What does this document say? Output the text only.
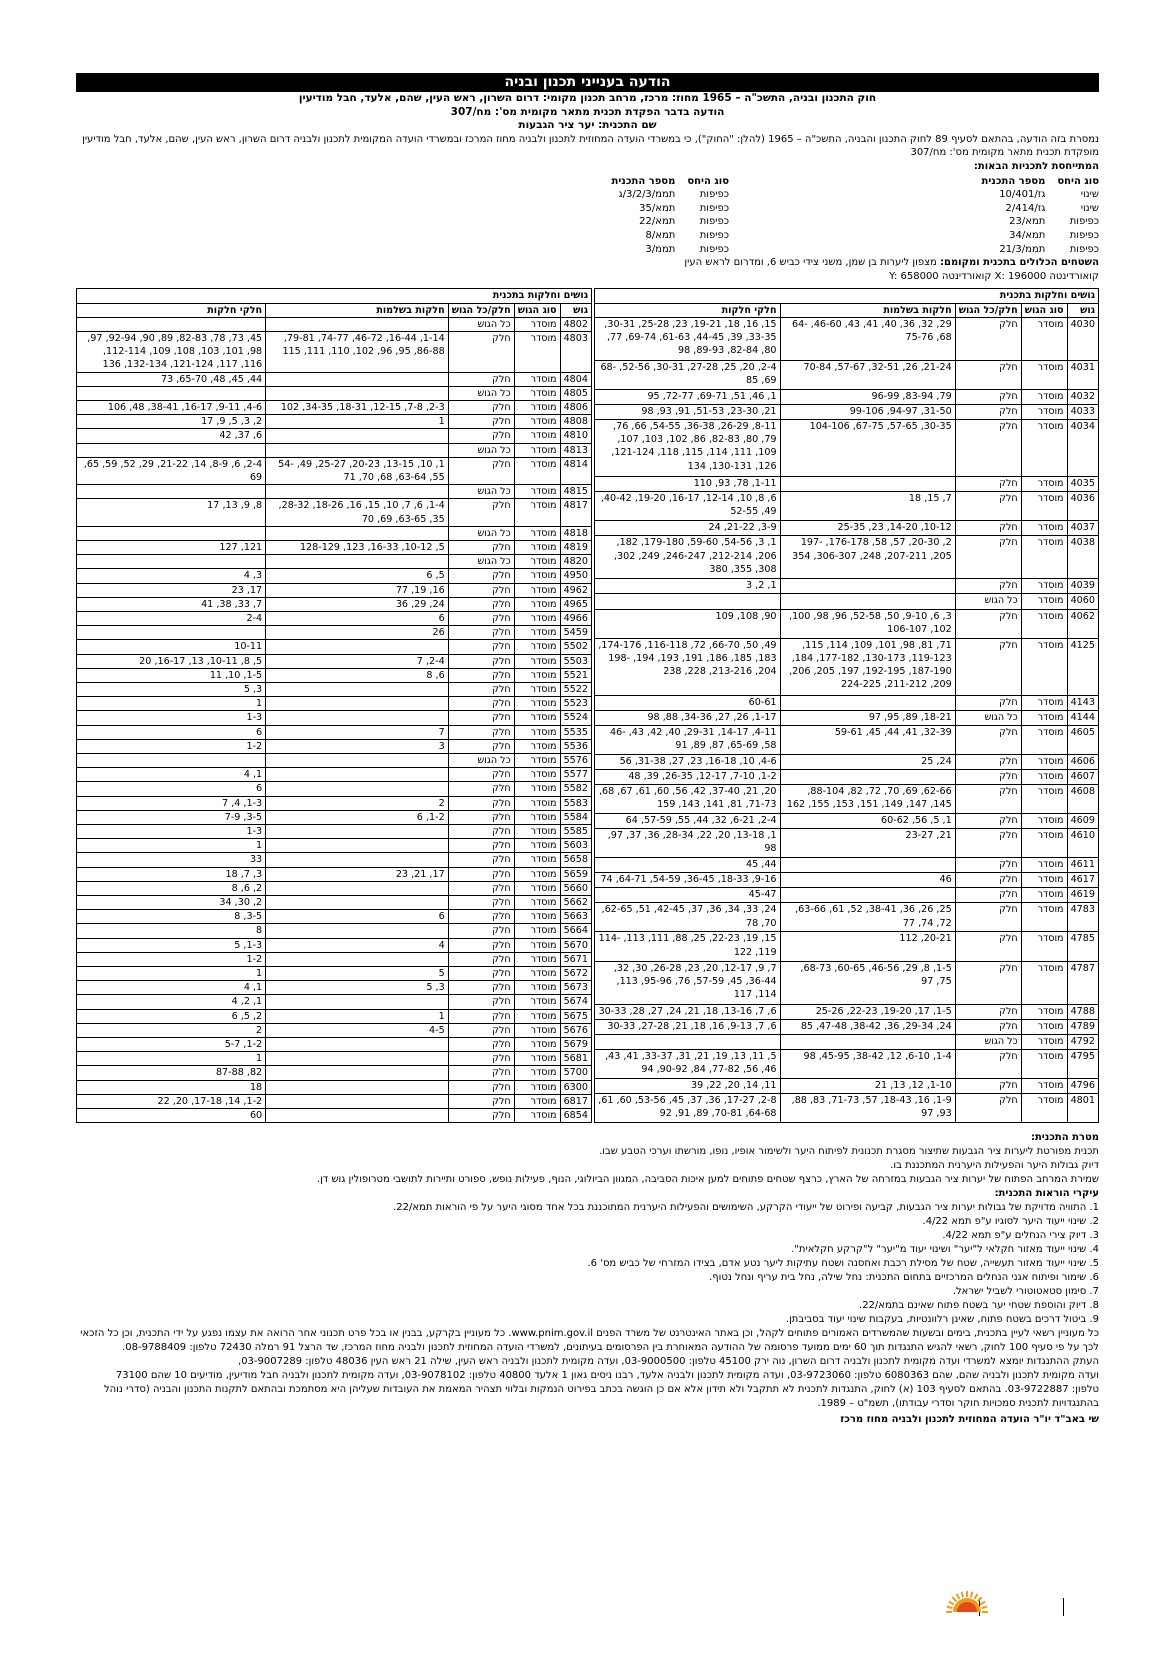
הודעה בענייני תכנון ובניה
חוק התכנון ובניה, התשכ"ה – 1965 מחוז: מרכז, מרחב תכנון מקומי: דרום השרון, ראש העין, שהם, אלעד, חבל מודיעין
הודעה בדבר הפקדת תכנית מתאר מקומית מס': מח/307
שם התכנית: יער ציר הגבעות

נמסרת בזה הודעה, בהתאם לסעיף 89 לחוק התכנון והבניה, התשכ"ה – 1965 (להלן: "החוק"), כי במשרדי הועדה המחוזית לתכנון ולבניה מחוז המרכז ובמשרדי הועדה המקומית לתכנון ולבניה דרום השרון, ראש העין, שהם, אלעד, חבל מודיעין מופקדת תכנית מתאר מקומית מס': מח/307

המתייחסת לתכניות הבאות:
סוג היחס	מספר התכנית
שינוי	גז/10/401
שינוי	גז/2/414
כפיפות	תמא/23
כפיפות	תמא/34
כפיפות	תממ/21/3
סוג היחס	מספר התכנית
כפיפות	תממ/3/2/3/ג
כפיפות	תמא/35
כפיפות	תמא/22
כפיפות	תמא/8
כפיפות	תממ/3
השטחים הכלולים בתכנית ומקומם: מצפון ליערות בן שמן, משני צידי כביש 6, ומדרום לראש העין
קואורדינטה X: 196000 קואורדינטה Y: 658000
גושים וחלקות בתכנית				
גוש	סוג הגוש	חלק/כל הגוש	חלקות בשלמות	חלקי חלקות
4030	מוסדר	חלק	29, 32, 36, 40, 41, 43, 46-60, 64-68, 75-76	15, 16, 18, 19-21, 23, 25-28, 30-31, 33-35, 39, 44-45, 61-63, 69-74, 77, 80, 82-84, 89-93, 98
4031	מוסדר	חלק	21-24, 26, 32-51, 57-67, 70-84	2-4, 20, 25, 27-28, 30-31, 52-56, 68-69, 85
4032	מוסדר	חלק	79, 83-94, 96-99	1, 46, 51, 69-71, 72-77, 95
4033	מוסדר	חלק	31-50, 94-97, 99-106	21, 23-30, 51-53, 91, 93, 98
4034	מוסדר	חלק	30-35, 57-65, 67-75, 104-106	8-11, 26-29, 36-38, 54-55, 66, 76, 79, 80, 82-83, 86, 102, 103, 107, 109, 111, 114, 115, 118, 121-124, 126, 130-131, 134
4035	מוסדר	חלק		1-11, 78, 93, 110
4036	מוסדר	חלק	7, 15, 18	6, 8, 10, 12-14, 16-17, 19-20, 40-42, 49, 52-55
4037	מוסדר	חלק	10-12, 14-20, 23, 25-35	3-9, 21-22, 24
4038	מוסדר	חלק	2, 20-30, 57, 58, 176-178, 197-205, 207-211, 248, 306-307, 354	1, 3, 54-56, 59-60, 179-180, 182, 206, 212-214, 246-247, 249, 302, 308, 355, 380
4039	מוסדר	חלק		1, 2, 3
4060	מוסדר	כל הגוש		
4062	מוסדר	חלק	3, 6, 9-10, 50, 52-58, 96, 98, 100, 102, 106-107	90, 108, 109
4125	מוסדר	חלק	71, 81, 98, 101, 109, 114, 115, 119-123, 130-173, 177-182, 184, 187-190, 192-195, 197, 205, 206, 209, 211-212, 224-225	49, 50, 66-70, 72, 116-118, 174-176, 183, 185, 186, 191, 193, 194, 198-204, 213-216, 228, 238
4143	מוסדר	חלק		60-61
4144	מוסדר	כל הגוש	18-21, 89, 95, 97	1-17, 26, 27, 34-36, 88, 98
4605	מוסדר	חלק	32-39, 41, 44, 45, 59-61	4-11, 14-17, 29-31, 40, 42, 43, 46-58, 65-69, 87, 89, 91
4606	מוסדר	חלק	24, 25	4-6, 10, 16-18, 23, 27, 31-38, 56
4607	מוסדר	חלק		1-2, 7-10, 12-17, 26-35, 39, 48
4608	מוסדר	חלק	62-66, 69, 70, 72, 82, 88-104, 145, 147, 149, 151, 153, 155, 162	20, 21, 37-40, 42, 56, 60, 61, 67, 68, 71-73, 81, 141, 143, 159
4609	מוסדר	חלק	1, 5, 56, 60-62	2-4, 6-21, 32, 44, 55, 57-59, 64
4610	מוסדר	חלק	21, 23-27	1, 13-18, 20, 22, 28-34, 36, 37, 97, 98
4611	מוסדר	חלק		44, 45
4617	מוסדר	חלק	46	9-16, 18-33, 36-45, 54-59, 64-71, 74
4619	מוסדר	חלק		45-47
4783	מוסדר	חלק	25, 26, 36, 38-41, 52, 61, 63-66, 72, 74, 77	24, 33, 34, 36, 37, 42-45, 51, 62-65, 70, 78
4785	מוסדר	חלק	20-21, 112	15, 19, 22-23, 25, 88, 111, 113, 114-119, 122
4787	מוסדר	חלק	1-5, 8, 29, 46-56, 60-65, 68-73, 75, 97	7, 9, 12-17, 20, 23, 26-28, 30, 32, 36-44, 45, 57-59, 76, 95-96, 113, 114, 117
4788	מוסדר	חלק	1-5, 17, 19-20, 22-23, 25-26	6, 7, 13-16, 18, 21, 24, 27, 28, 30-33
4789	מוסדר	חלק	24, 29-34, 36, 38-42, 47-48, 85	6, 7, 9-13, 16, 18, 21, 27-28, 30-33
4792	מוסדר	כל הגוש		
4795	מוסדר	חלק	1-4, 6-10, 12, 38-42, 45-95, 98	5, 11, 13, 19, 21, 31, 33-37, 41, 43, 46, 56, 77-82, 84, 90-92, 94
4796	מוסדר	חלק	1-10, 12, 13, 21	11, 14, 20, 22, 39
4801	מוסדר	חלק	1-9, 16, 18-43, 57, 71-73, 83, 88, 93, 97	2-8, 17-27, 36, 37, 45, 53-56, 60, 61, 64-68, 70-81, 89, 91, 92
גושים וחלקות בתכנית				
גוש	סוג הגוש	חלק/כל הגוש	חלקות בשלמות	חלקי חלקות
4802	מוסדר	כל הגוש		
4803	מוסדר	חלק	1-14, 16-44, 46-72, 74-77, 79-81, 86-88, 95, 96, 102, 110, 111, 115	45, 73, 78, 82-83, 89, 90, 92-94, 97, 98, 101, 103, 108, 109, 112-114, 116, 117, 121-124, 132-134, 136
4804	מוסדר	חלק		44, 45, 48, 65-70, 73
4805	מוסדר	כל הגוש		
4806	מוסדר	חלק	2-3, 7-8, 12-15, 18-31, 34-35, 102	4-6, 9-11, 16-17, 38-41, 48, 106
4808	מוסדר	חלק	1	2, 3, 5, 9, 17
4810	מוסדר	חלק		6, 37, 42
4813	מוסדר	כל הגוש		
4814	מוסדר	חלק	1, 10, 13-15, 20-23, 25-27, 49, 54-55, 63-64, 68, 70, 71	2-4, 6, 8-9, 14, 21-22, 29, 52, 59, 65, 69
4815	מוסדר	כל הגוש		
4817	מוסדר	חלק	1-4, 6, 7, 10, 15, 16, 18-26, 28-32, 35, 63-65, 69, 70	8, 9, 13, 17
4818	מוסדר	כל הגוש		
4819	מוסדר	חלק	5, 10-12, 16-33, 123, 128-129	121, 127
4820	מוסדר	כל הגוש		
4950	מוסדר	חלק	5, 6	3, 4
4962	מוסדר	חלק	16, 19, 77	17, 23
4965	מוסדר	חלק	24, 29, 36	7, 33, 38, 41
4966	מוסדר	חלק	6	2-4
5459	מוסדר	חלק	26	
5502	מוסדר	חלק		10-11
5503	מוסדר	חלק	2-4, 7	5, 8, 10-11, 13, 16-17, 20
5521	מוסדר	חלק	6, 8	1-5, 10, 11
5522	מוסדר	חלק		3, 5
5523	מוסדר	חלק		1
5524	מוסדר	חלק		1-3
5535	מוסדר	חלק	7	6
5536	מוסדר	חלק	3	1-2
5576	מוסדר	כל הגוש		
5577	מוסדר	חלק		1, 4
5582	מוסדר	חלק		6
5583	מוסדר	חלק	2	1-3, 4, 7
5584	מוסדר	חלק	1-2, 6	3-5, 7-9
5585	מוסדר	חלק		1-3
5603	מוסדר	חלק		1
5658	מוסדר	חלק		33
5659	מוסדר	חלק	17, 21, 23	3, 7, 18
5660	מוסדר	חלק		2, 6, 8
5662	מוסדר	חלק		2, 30, 34
5663	מוסדר	חלק	6	3-5, 8
5664	מוסדר	חלק		8
5670	מוסדר	חלק	4	1-3, 5
5671	מוסדר	חלק		1-2
5672	מוסדר	חלק	5	1
5673	מוסדר	חלק	3, 5	1, 4
5674	מוסדר	חלק		1, 2, 4
5675	מוסדר	חלק	1	2, 5, 6
5676	מוסדר	חלק	4-5	2
5679	מוסדר	חלק		1-2, 5-7
5681	מוסדר	חלק		1
5700	מוסדר	חלק		82, 87-88
6300	מוסדר	חלק		18
6817	מוסדר	חלק		1-2, 14, 17-18, 20, 22
6854	מוסדר	חלק		60
מטרת התכנית:
תכנית מפורטת ליערות ציר הגבעות שתיצור מסגרת תכנונית לפיתוח היער ולשימור אופיו, נופו, מורשתו וערכי הטבע שבו.
דיוק גבולות היער והפעילות היערנית המתכננת בו.
שמירת המרחב הפתוח של יערות ציר הגבעות במזרחה של הארץ, כרצף שטחים פתוחים למען איכות הסביבה, המגוון הביולוגי, הנוף, פעילות נופש, ספורט ותיירות לתושבי מטרופולין גוש דן.
עיקרי הוראות התכנית:
1. התוויה מדויקת של גבולות יערות ציר הגבעות, קביעה ופירוט של ייעודי הקרקע, השימושים והפעילות היערנית המתוכננת בכל אחד מסוגי היער על פי הוראות תמא/22.
2. שינוי ייעוד היער לסוגיו ע"פ תמא 4/22.
3. דיוק צירי הנחלים ע"פ תמא 4/22.
4. שינוי ייעוד מאזור חקלאי ל"יער" ושינוי יעוד מ"יער" ל"קרקע חקלאית".
5. שינוי ייעוד מאזור תעשייה, שטח של מסילת רכבת ואחסנה ושטח עתיקות ליער נטע אדם, בצידו המזרחי של כביש מס' 6.
6. שימור ופיתוח אגני הנחלים המרכזיים בתחום התכנית: נחל שילה, נחל בית עריף ונחל נטוף.
7. סימון סטאטוטורי לשביל ישראל.
8. דיוק והוספת שטחי יער בשטח פתוח שאינם בתמא/22.
9. ביטול דרכים בשטח פתוח, שאינן רלוונטיות, בעקבות שינוי יעוד בסביבתן.
כל מעוניין רשאי לעיין בתכנית, בימים ובשעות שהמשרדים האמורים פתוחים לקהל, וכן באתר האינטרנט של משרד הפנים www.pnim.gov.il. כל מעוניין בקרקע, בבנין או בכל פרט תכנוני אחר הרואה את עצמו נפגע על ידי התכנית, וכן כל הזכאי לכך על פי סעיף 100 לחוק, רשאי להגיש התנגדות תוך 60 ימים ממועד פרסומה של ההודעה המאוחרת בין הפרסומים בעיתונים, למשרדי הועדה המחוזית לתכנון ולבניה מחוז המרכז, שד הרצל 91 רמלה 72430 טלפון: 08-9788409.
העתק ההתנגדות יומצא למשרדי ועדה מקומית לתכנון ולבניה דרום השרון, נוה ירק 45100 טלפון: 03-9000500, ועדה מקומית לתכנון ולבניה ראש העין, שילה 21 ראש העין 48036 טלפון: 03-9007289,
ועדה מקומית לתכנון ולבניה שהם, שהם 6080363 טלפון: 03-9723060, ועדה מקומית לתכנון ולבניה אלעד, רבנו ניסים גאון 1 אלעד 40800 טלפון: 03-9078102, ועדה מקומית לתכנון ולבניה חבל מודיעין, מודיעים 10 שהם 73100
טלפון: 03-9722887. בהתאם לסעיף 103 (א) לחוק, התנגדות לתכנית לא תתקבל ולא תידון אלא אם כן הוגשה בכתב בפירוט הנמקות ובלווי תצהיר המאמת את העובדות שעליהן היא מסתמכת ובהתאם לתקנות התכנון והבניה (סדרי נוהל בהתנגדויות לתכנית סמכויות חוקר וסדרי עבודתו), תשמ"ט – 1989.
שי באב"ד יו"ר הועדה המחוזית לתכנון ולבניה מחוז מרכז
